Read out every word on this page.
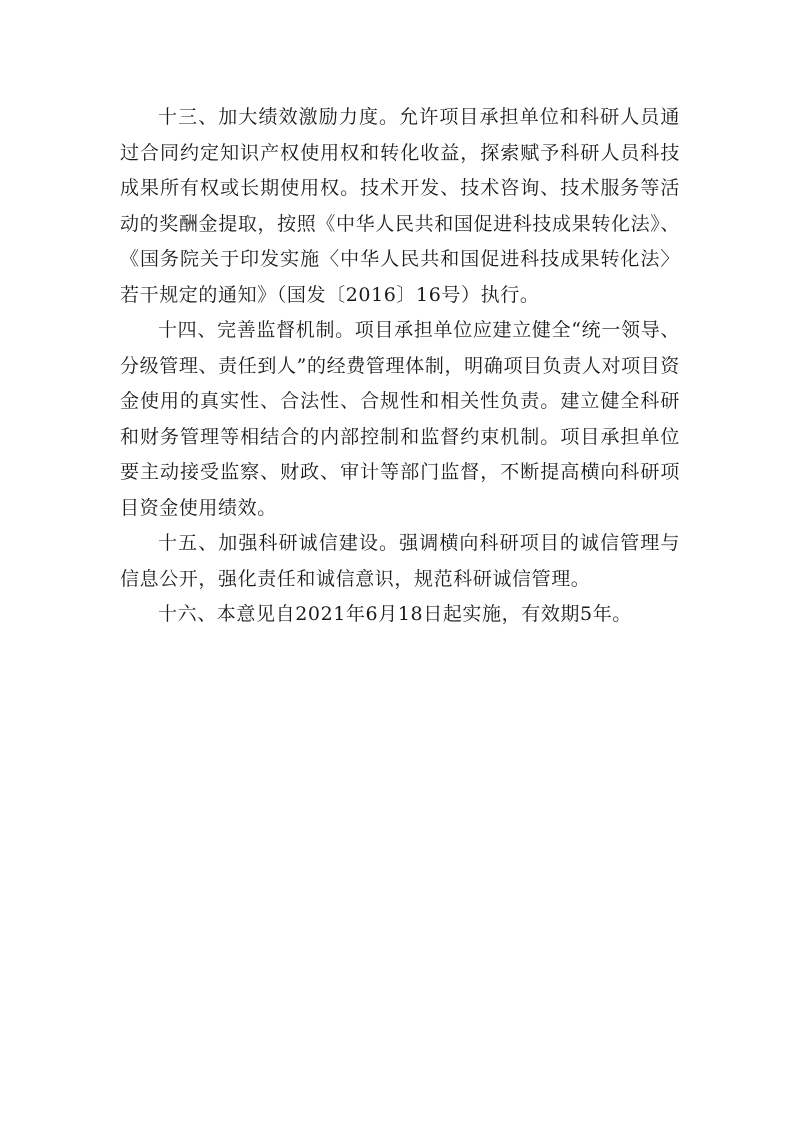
十三、加大绩效激励力度。允许项目承担单位和科研人员通过合同约定知识产权使用权和转化收益，探索赋予科研人员科技成果所有权或长期使用权。技术开发、技术咨询、技术服务等活动的奖酬金提取，按照《中华人民共和国促进科技成果转化法》、《国务院关于印发实施〈中华人民共和国促进科技成果转化法〉若干规定的通知》（国发〔2016〕16号）执行。

十四、完善监督机制。项目承担单位应建立健全“统一领导、分级管理、责任到人”的经费管理体制，明确项目负责人对项目资金使用的真实性、合法性、合规性和相关性负责。建立健全科研和财务管理等相结合的内部控制和监督约束机制。项目承担单位要主动接受监察、财政、审计等部门监督，不断提高横向科研项目资金使用绩效。

十五、加强科研诚信建设。强调横向科研项目的诚信管理与信息公开，强化责任和诚信意识，规范科研诚信管理。

十六、本意见自2021年6月18日起实施，有效期5年。
